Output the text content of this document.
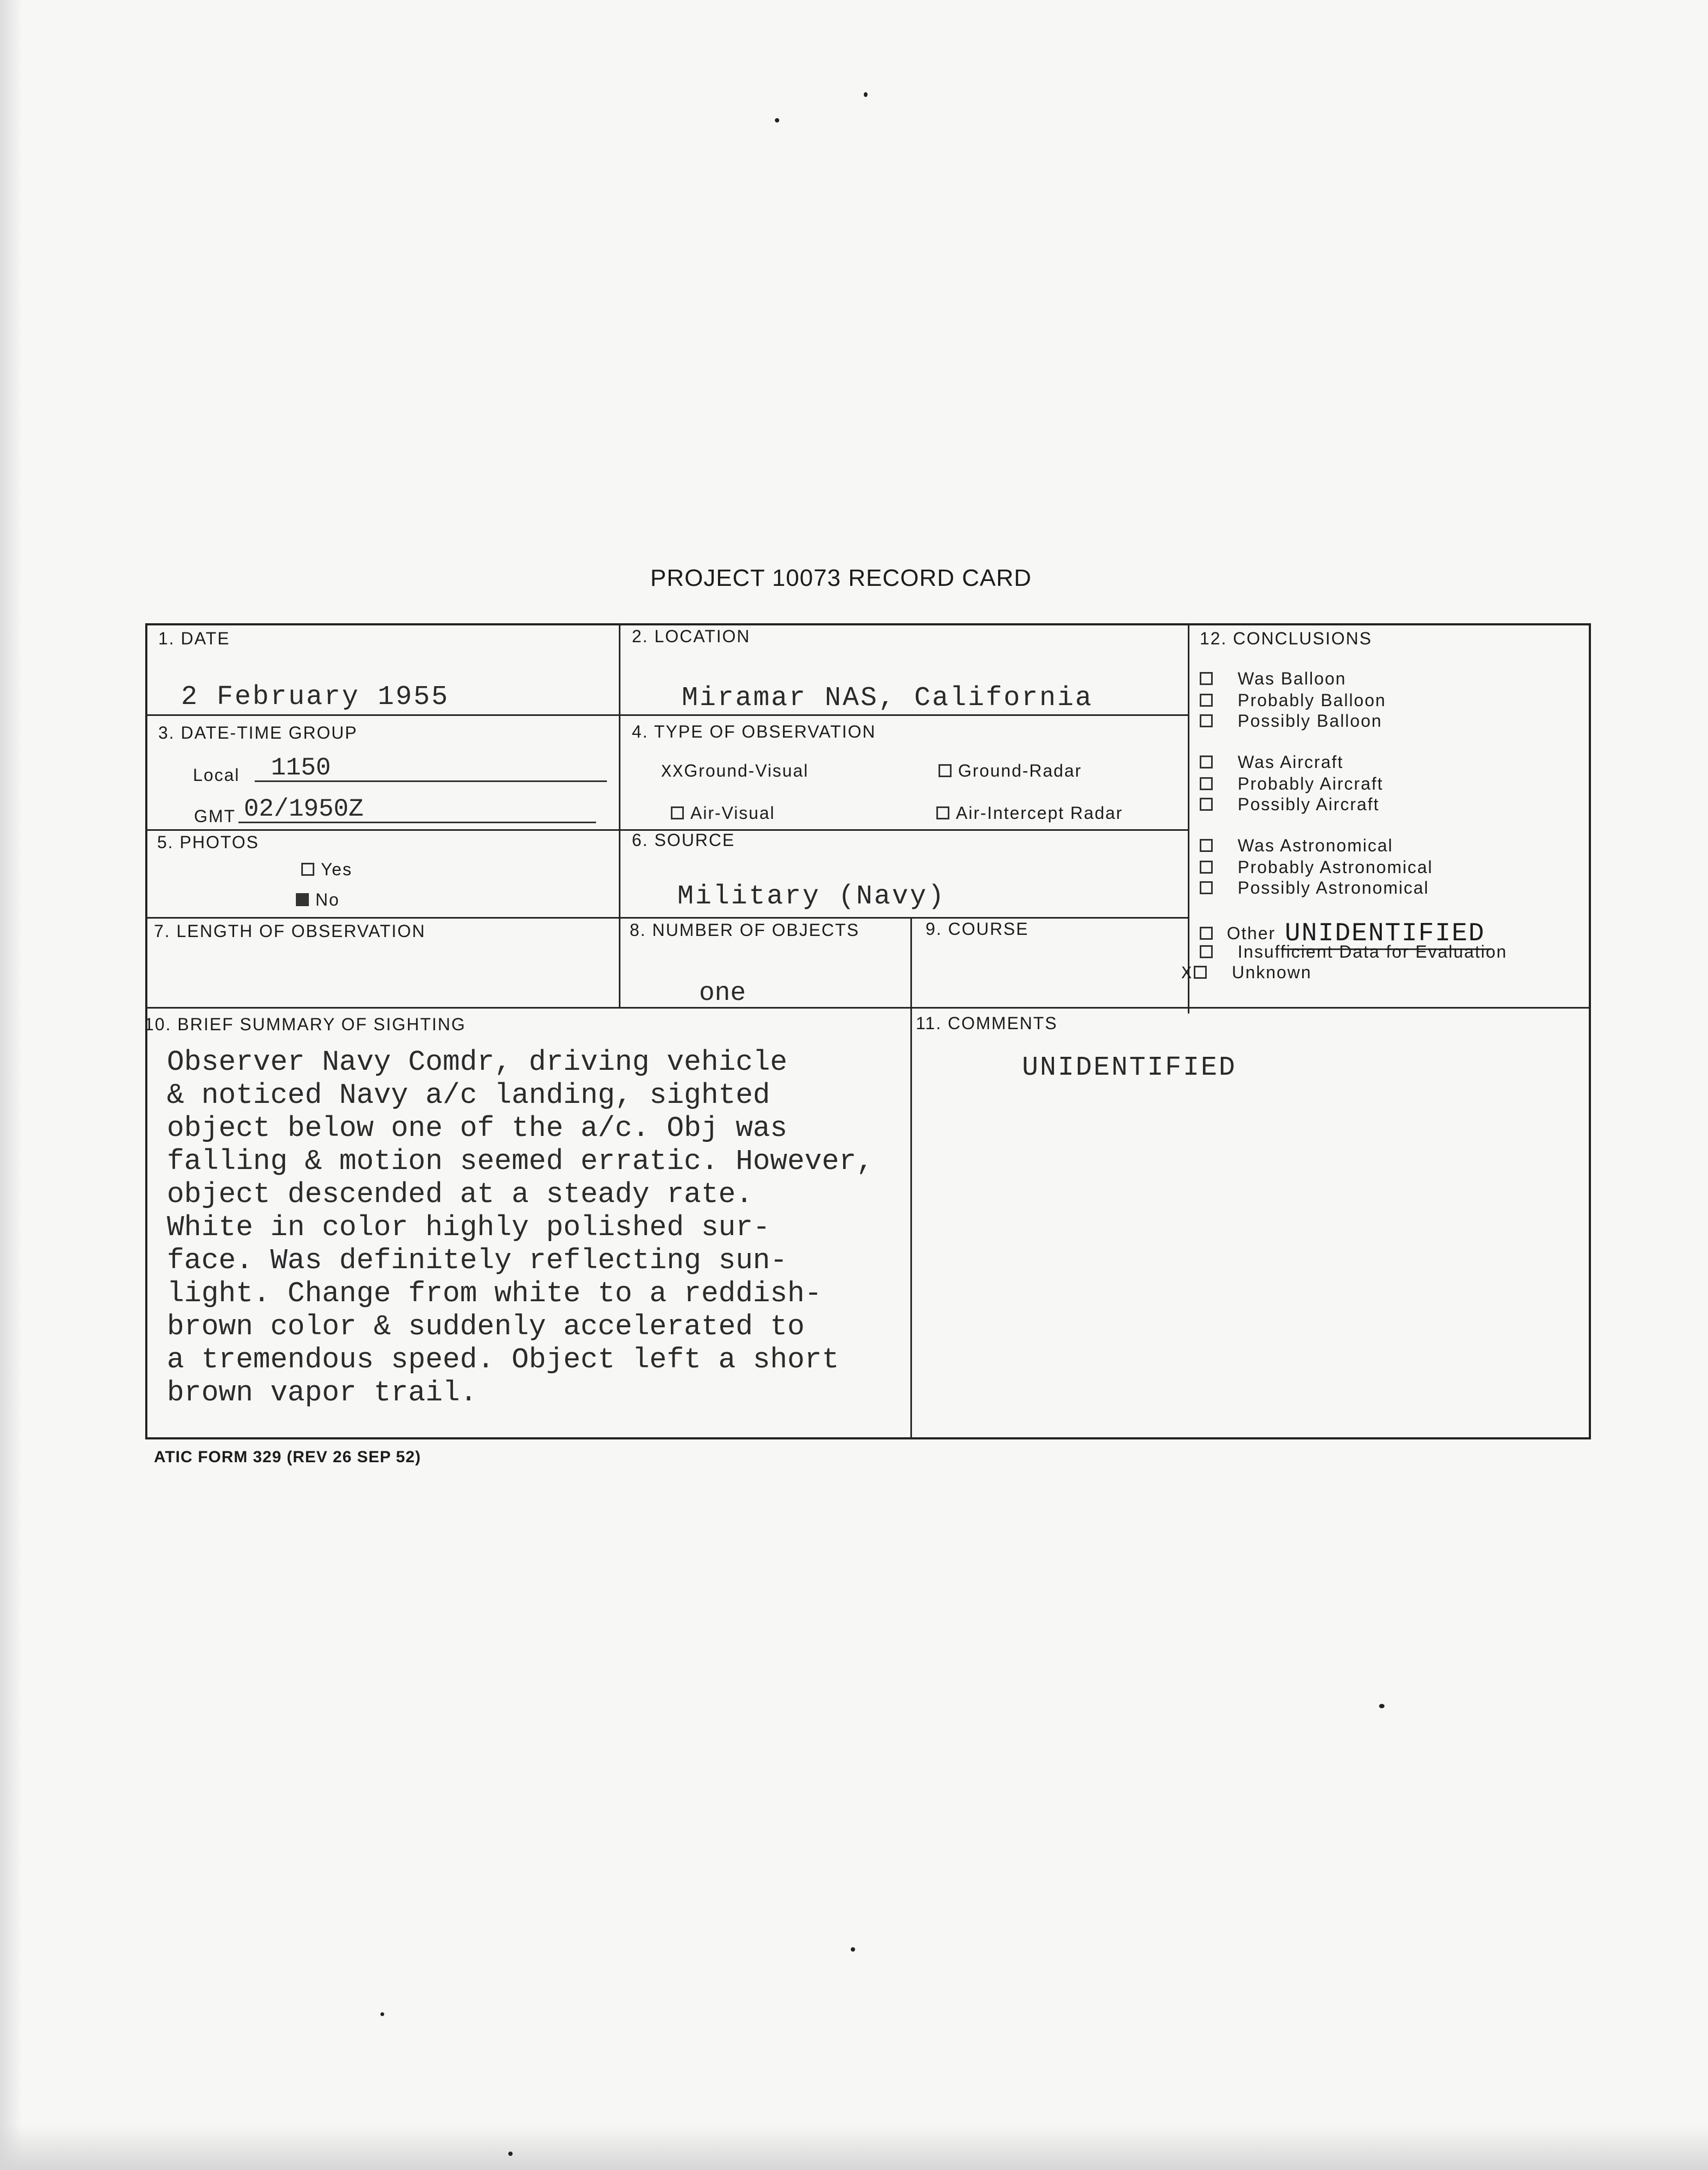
PROJECT 10073 RECORD CARD
1. DATE
2 February 1955
2. LOCATION
Miramar NAS, California
3. DATE-TIME GROUP
Local	1150
GMT 02/1950Z
4. TYPE OF OBSERVATION
XXGround-Visual	Ground-Radar
Air-Visual	Air-Intercept Radar
5. PHOTOS
Yes
No
6. SOURCE
Military (Navy)
7. LENGTH OF OBSERVATION	8. NUMBER OF OBJECTS
one
9. COURSE
10. BRIEF SUMMARY OF SIGHTING
Observer Navy Comdr, driving vehicle
& noticed Navy a/c landing, sighted
object below one of the a/c. Obj was
falling & motion seemed erratic. However,
object descended at a steady rate.
White in color highly polished sur-
face. Was definitely reflecting sun-
light. Change from white to a reddish-
brown color & suddenly accelerated to
a tremendous speed. Object left a short
brown vapor trail.
11. COMMENTS
UNIDENTIFIED
12. CONCLUSIONS
Was Balloon
Probably Balloon
Possibly Balloon
Was Aircraft
Probably Aircraft
Possibly Aircraft
Was Astronomical
Probably Astronomical
Possibly Astronomical
Other UNIDENTIFIED
Insufficient Data for Evaluation
X Unknown
ATIC FORM 329 (REV 26 SEP 52)
